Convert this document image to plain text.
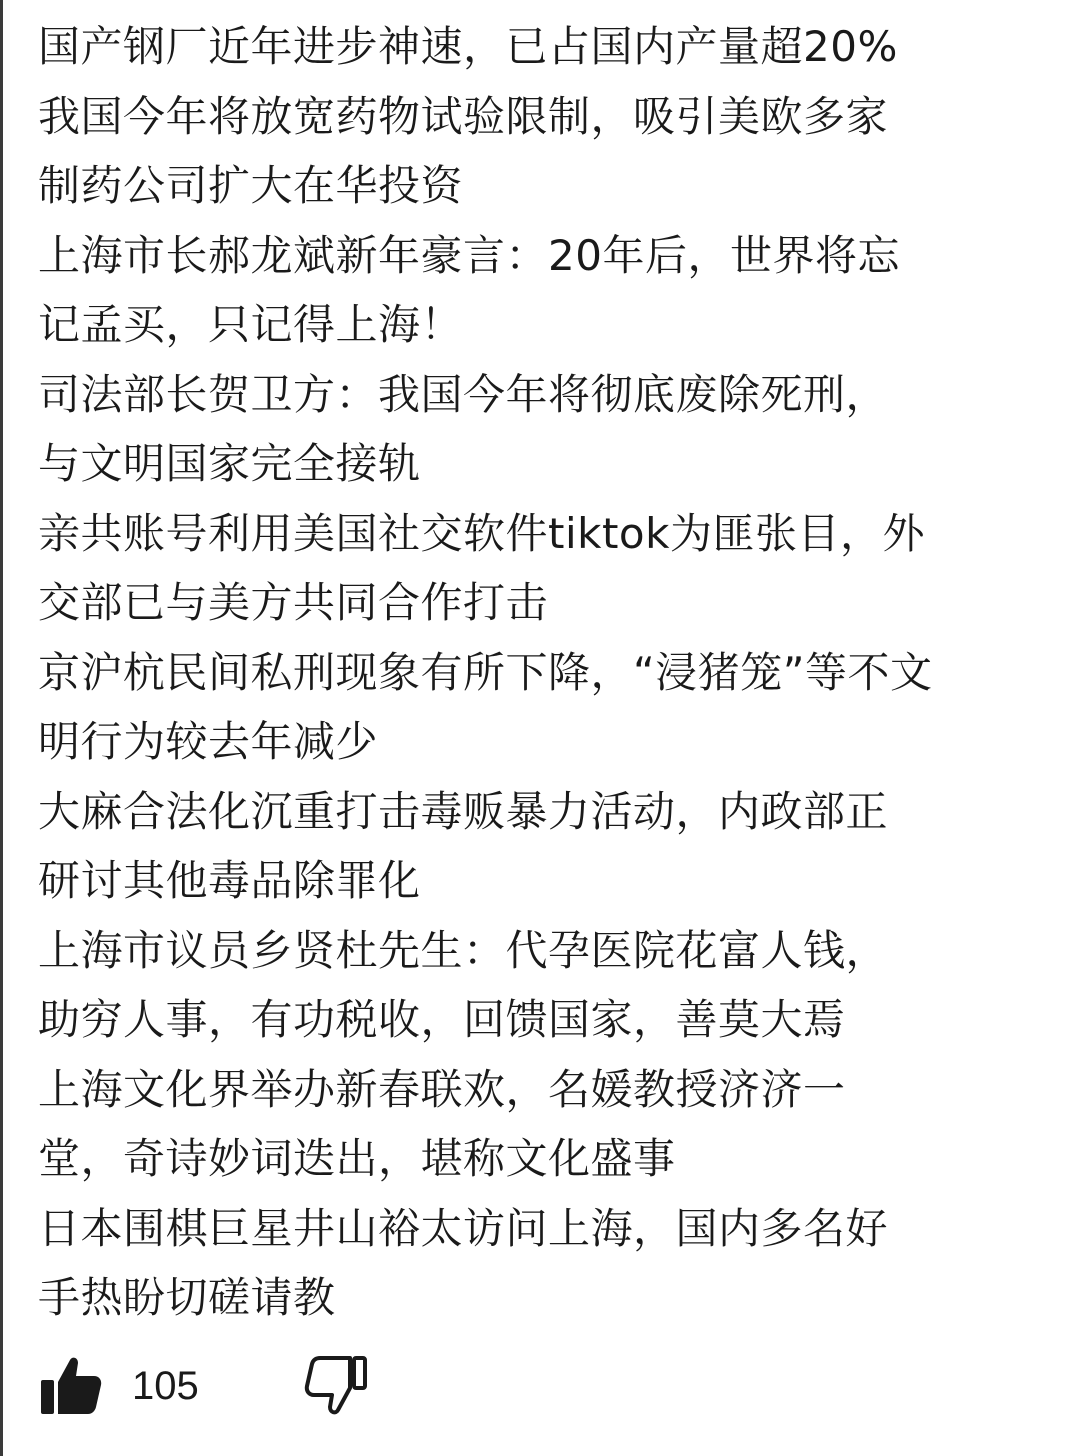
国产钢厂近年进步神速，已占国内产量超20%
我国今年将放宽药物试验限制，吸引美欧多家
制药公司扩大在华投资
上海市长郝龙斌新年豪言：20年后，世界将忘
记孟买，只记得上海！
司法部长贺卫方：我国今年将彻底废除死刑，
与文明国家完全接轨
亲共账号利用美国社交软件tiktok为匪张目，外
交部已与美方共同合作打击
京沪杭民间私刑现象有所下降，“浸猪笼”等不文
明行为较去年减少
大麻合法化沉重打击毒贩暴力活动，内政部正
研讨其他毒品除罪化
上海市议员乡贤杜先生：代孕医院花富人钱，
助穷人事，有功税收，回馈国家，善莫大焉
上海文化界举办新春联欢，名媛教授济济一
堂，奇诗妙词迭出，堪称文化盛事
日本围棋巨星井山裕太访问上海，国内多名好
手热盼切磋请教
105
